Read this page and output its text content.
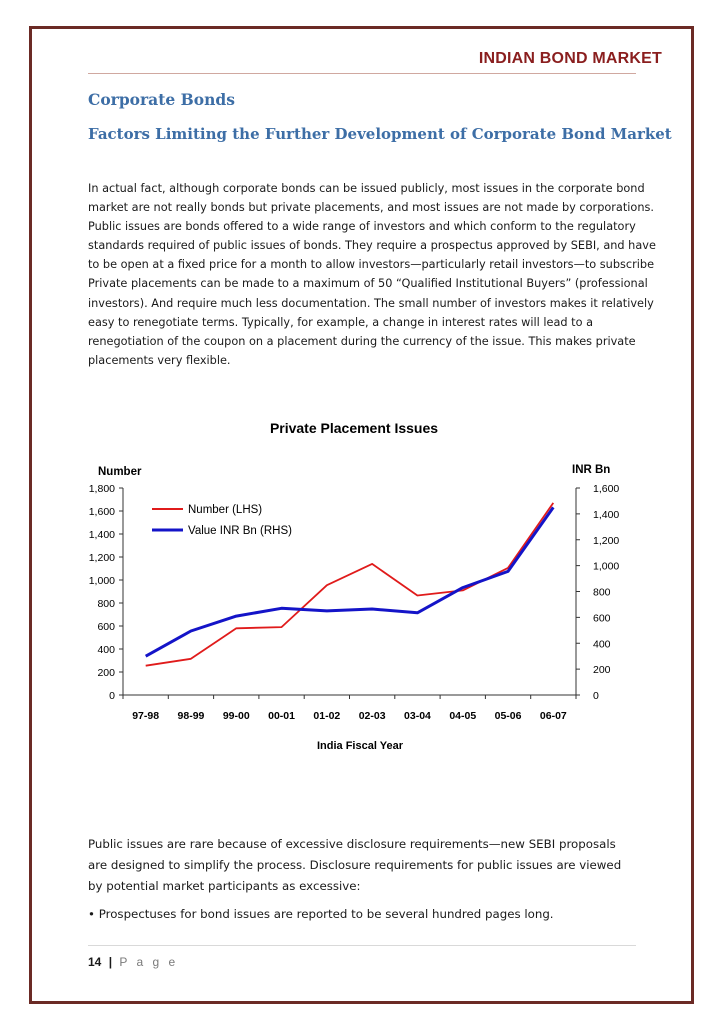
INDIAN BOND MARKET
Corporate Bonds
Factors Limiting the Further Development of Corporate Bond Market
In actual fact, although corporate bonds can be issued publicly, most issues in the corporate bond
market are not really bonds but private placements, and most issues are not made by corporations.
Public issues are bonds offered to a wide range of investors and which conform to the regulatory
standards required of public issues of bonds. They require a prospectus approved by SEBI, and have
to be open at a fixed price for a month to allow investors—particularly retail investors—to subscribe
Private placements can be made to a maximum of 50 “Qualified Institutional Buyers” (professional
investors). And require much less documentation. The small number of investors makes it relatively
easy to renegotiate terms. Typically, for example, a change in interest rates will lead to a
renegotiation of the coupon on a placement during the currency of the issue. This makes private
placements very flexible.
Private Placement Issues
Number	INR Bn
India Fiscal Year
0
200
400
600
800
1,000
1,200
1,400
1,600
1,800
0
200
400
600
800
1,000
1,200
1,400
1,600
97-98 98-99 99-00 00-01 01-02 02-03 03-04 04-05 05-06 06-07
Number (LHS)
Value INR Bn (RHS)
Public issues are rare because of excessive disclosure requirements—new SEBI proposals
are designed to simplify the process. Disclosure requirements for public issues are viewed
by potential market participants as excessive:
• Prospectuses for bond issues are reported to be several hundred pages long.
14 | P a g e
